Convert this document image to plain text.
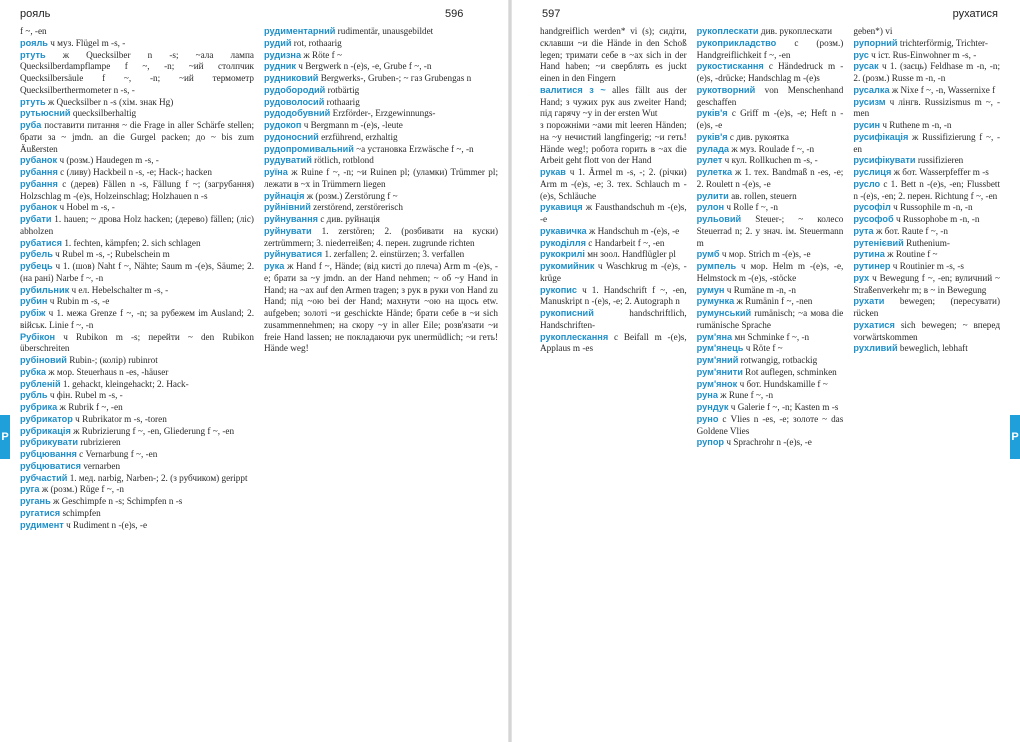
рояль	596

f ~, -en

рояль ч муз. Flügel m -s, -

ртуть ж Quecksilber n -s; ~ала лампа Quecksilberdampflampe f ~, -n; ~ий столпчик Quecksilbersäule f ~, -n; ~ий термометр Quecksilberthermometer n -s, -

ртуть ж Quecksilber n -s (хім. знак Hg)

рутьюсний quecksilberhaltig

руба поставити питання ~ die Frage in aller Schärfe stellen; брати за ~ jmdn. an die Gurgel packen; до ~ bis zum Äußersten

рубанок ч (розм.) Haudegen m -s, -

рубання с (ливу) Hackbeil n -s, -e; Hack-; hacken

рубання с (дерев) Fällen n -s, Fällung f ~; (загрубання) Holzschlag m -(e)s, Holzeinschlag; Holzhauen n -s

рубанок ч Hobel m -s, -

рубати 1. hauen; ~ дрова Holz hacken; (дерево) fällen; (ліс) abholzen

рубатися 1. fechten, kämpfen; 2. sich schlagen

рубель ч Rubel m -s, -; Rubelschein m

рубець ч 1. (шов) Naht f ~, Nähte; Saum m -(e)s, Säume; 2. (на рані) Narbe f ~, -n

рубильник ч ел. Hebelschalter m -s, -

рубин ч Rubin m -s, -e

рубіж ч 1. межа Grenze f ~, -n; за рубежем im Ausland; 2. військ. Linie f ~, -n

Рубікон ч Rubikon m -s; перейти ~ den Rubikon überschreiten

рубіновий Rubin-; (колір) rubinrot

рубка ж мор. Steuerhaus n -es, -häuser

рубленій 1. gehackt, kleingehackt; 2. Hack-

рубль ч фін. Rubel m -s, -

рубрика ж Rubrik f ~, -en

рубрикатор ч Rubrikator m -s, -toren

рубрикація ж Rubrizierung f ~, -en, Gliederung f ~, -en

рубрикувати rubrizieren

рубцювання с Vernarbung f ~, -en

рубцюватися vernarben

рубчастий 1. мед. narbig, Narben-; 2. (з рубчиком) gerippt

руга ж (розм.) Rüge f ~, -n

ругань ж Geschimpfe n -s; Schimpfen n -s

ругатися schimpfen

рудимент ч Rudiment n -(e)s, -e

рудиментарний rudimentär, unausgebildet

рудий rot, rothaarig

рудизна ж Röte f ~

рудник ч Bergwerk n -(e)s, -e, Grube f ~, -n

рудниковий Bergwerks-, Gruben-; ~ газ Grubengas n

рудобородий rotbärtig

рудоволосий rothaarig

рудодобувний Erzförder-, Erzgewinnungs-

рудокоп ч Bergmann m -(e)s, -leute

рудоносний erzführend, erzhaltig

рудопромивальний ~а установка Erzwäsche f ~, -n

рудуватий rötlich, rotblond

руїна ж Ruine f ~, -n; ~и Ruinen pl; (уламки) Trümmer pl; лежати в ~х in Trümmern liegen

руйнація ж (розм.) Zerstörung f ~

руйнівний zerstörend, zerstörerisch

руйнування с див. руйнація

руйнувати 1. zerstören; 2. (розбивати на куски) zertrümmern; 3. niederreißen; 4. перен. zugrunde richten

руйнуватися 1. zerfallen; 2. einstürzen; 3. verfallen

рука ж Hand f ~, Hände; (від кисті до плеча) Arm m -(e)s, -e; брати за ~у jmdn. an der Hand nehmen; ~ об ~у Hand in Hand; на ~ах auf den Armen tragen; з рук в руки von Hand zu Hand; під ~ою bei der Hand; махнути ~ою на щось etw. aufgeben; золоті ~и geschickte Hände; брати себе в ~и sich zusammennehmen; на скору ~у in aller Eile; розв'язати ~и freie Hand lassen; не покладаючи рук unermüdlich; ~и геть! Hände weg!

Р
597	рухатися

handgreiflich werden* vi (s); сидіти, склавши ~и die Hände in den Schoß legen; тримати себе в ~ах sich in der Hand haben; ~и сверблять es juckt einen in den Fingern

валитися з ~ alles fällt aus der Hand; з чужих рук aus zweiter Hand; під гарячу ~у in der ersten Wut

з порожніми ~ами mit leeren Händen; на ~у нечистий langfingerig; ~и геть! Hände weg!; робота горить в ~ах die Arbeit geht flott von der Hand

рукав ч 1. Ärmel m -s, -; 2. (річки) Arm m -(e)s, -e; 3. тех. Schlauch m -(e)s, Schläuche

рукавиця ж Fausthandschuh m -(e)s, -e

рукавичка ж Handschuh m -(e)s, -e

рукоділля с Handarbeit f ~, -en

рукокрилі мн зоол. Handflügler pl

рукомийник ч Waschkrug m -(e)s, -krüge

рукопис ч 1. Handschrift f ~, -en, Manuskript n -(e)s, -e; 2. Autograph n

рукописний	handschriftlich, Handschriften-

рукоплескання с Beifall m -(e)s, Applaus m -es

рукоплескати див. рукоплескати

рукоприкладство с (розм.) Handgreiflichkeit f ~, -en

рукостискання с Händedruck m -(e)s, -drücke; Handschlag m -(e)s

рукотворний von Menschenhand geschaffen

руків'я с Griff m -(e)s, -e; Heft n -(e)s, -e

руків'я с див. рукоятка

рулада ж муз. Roulade f ~, -n

рулет ч кул. Rollkuchen m -s, -

рулетка ж 1. тех. Bandmaß n -es, -e; 2. Roulett n -(e)s, -e

рулити ав. rollen, steuern

рулон ч Rolle f ~, -n

рульовий Steuer-; ~ колесо Steuerrad n; 2. у знач. ім. Steuermann m

румб ч мор. Strich m -(e)s, -e

румпель ч мор. Helm m -(e)s, -e, Helmstock m -(e)s, -stöcke

румун ч Rumäne m -n, -n

румунка ж Rumänin f ~, -nen

румунський rumänisch; ~а мова die rumänische Sprache

рум'яна мн Schminke f ~, -n

рум'янець ч Röte f ~

рум'яний rotwangig, rotbackig

рум'янити Rot auflegen, schminken

рум'янок ч бот. Hundskamille f ~

руна ж Rune f ~, -n

рундук ч Galerie f ~, -n; Kasten m -s

руно с Vlies n -es, -e; золоте ~ das Goldene Vlies

рупор ч Sprachrohr n -(e)s, -e

geben*) vi

рупорний trichterförmig, Trichter-

рус ч іст. Rus-Einwohner m -s, -

русак ч 1. (заєць) Feldhase m -n, -n; 2. (розм.) Russe m -n, -n

русалка ж Nixe f ~, -n, Wassernixe f

русизм ч лінгв. Russizismus m ~, -men

русин ч Ruthene m -n, -n

русифікація ж Russifizierung f ~, -en

русифікувати russifizieren

руслиця ж бот. Wasserpfeffer m -s

русло с 1. Bett n -(e)s, -en; Flussbett n -(e)s, -en; 2. перен. Richtung f ~, -en

русофіл ч Russophile m -n, -n

русофоб ч Russophobe m -n, -n

рута ж бот. Raute f ~, -n

рутенієвий Ruthenium-

рутина ж Routine f ~

рутинер ч Routinier m -s, -s

рух ч Bewegung f ~, -en; вуличний ~ Straßenverkehr m; в ~ in Bewegung

рухати bewegen; (пересувати) rücken

рухатися sich bewegen; ~ вперед vorwärtskommen

рухливий beweglich, lebhaft

Р
